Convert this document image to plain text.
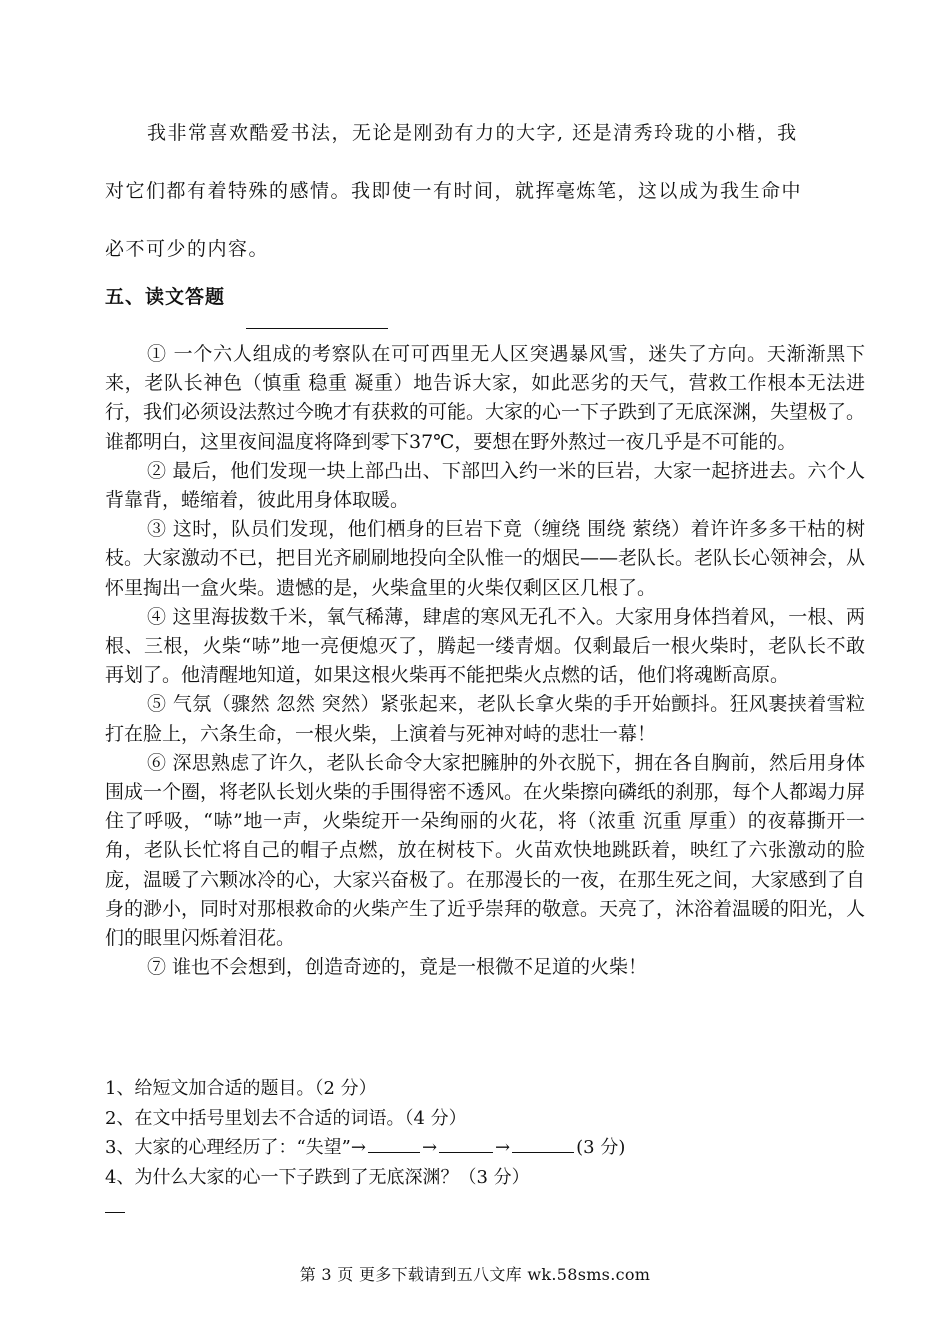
我非常喜欢酷爱书法，无论是刚劲有力的大字, 还是清秀玲珑的小楷，我
对它们都有着特殊的感情。我即使一有时间，就挥毫炼笔，这以成为我生命中
必不可少的内容。
五、读文答题

① 一个六人组成的考察队在可可西里无人区突遇暴风雪，迷失了方向。天渐渐黑下来，老队长神色（慎重 稳重 凝重）地告诉大家，如此恶劣的天气，营救工作根本无法进行，我们必须设法熬过今晚才有获救的可能。大家的心一下子跌到了无底深渊，失望极了。谁都明白，这里夜间温度将降到零下37℃，要想在野外熬过一夜几乎是不可能的。

② 最后，他们发现一块上部凸出、下部凹入约一米的巨岩，大家一起挤进去。六个人背靠背，蜷缩着，彼此用身体取暖。

③ 这时，队员们发现，他们栖身的巨岩下竟（缠绕 围绕 萦绕）着许许多多干枯的树枝。大家激动不已，把目光齐刷刷地投向全队惟一的烟民——老队长。老队长心领神会，从怀里掏出一盒火柴。遗憾的是，火柴盒里的火柴仅剩区区几根了。

④ 这里海拔数千米，氧气稀薄，肆虐的寒风无孔不入。大家用身体挡着风，一根、两根、三根，火柴“哧”地一亮便熄灭了，腾起一缕青烟。仅剩最后一根火柴时，老队长不敢再划了。他清醒地知道，如果这根火柴再不能把柴火点燃的话，他们将魂断高原。

⑤ 气氛（骤然 忽然 突然）紧张起来，老队长拿火柴的手开始颤抖。狂风裹挟着雪粒打在脸上，六条生命，一根火柴，上演着与死神对峙的悲壮一幕！

⑥ 深思熟虑了许久，老队长命令大家把臃肿的外衣脱下，拥在各自胸前，然后用身体围成一个圈，将老队长划火柴的手围得密不透风。在火柴擦向磷纸的刹那，每个人都竭力屏住了呼吸，“哧”地一声，火柴绽开一朵绚丽的火花，将（浓重 沉重 厚重）的夜幕撕开一角，老队长忙将自己的帽子点燃，放在树枝下。火苗欢快地跳跃着，映红了六张激动的脸庞，温暖了六颗冰冷的心，大家兴奋极了。在那漫长的一夜，在那生死之间，大家感到了自身的渺小，同时对那根救命的火柴产生了近乎崇拜的敬意。天亮了，沐浴着温暖的阳光，人们的眼里闪烁着泪花。

⑦ 谁也不会想到，创造奇迹的，竟是一根微不足道的火柴！

1、给短文加合适的题目。（2 分）

2、在文中括号里划去不合适的词语。（4 分）

3、大家的心理经历了：“失望”→	→	→	(3 分)

4、为什么大家的心一下子跌到了无底深渊？（3 分）

第 3 页 更多下载请到五八文库 wk.58sms.com
